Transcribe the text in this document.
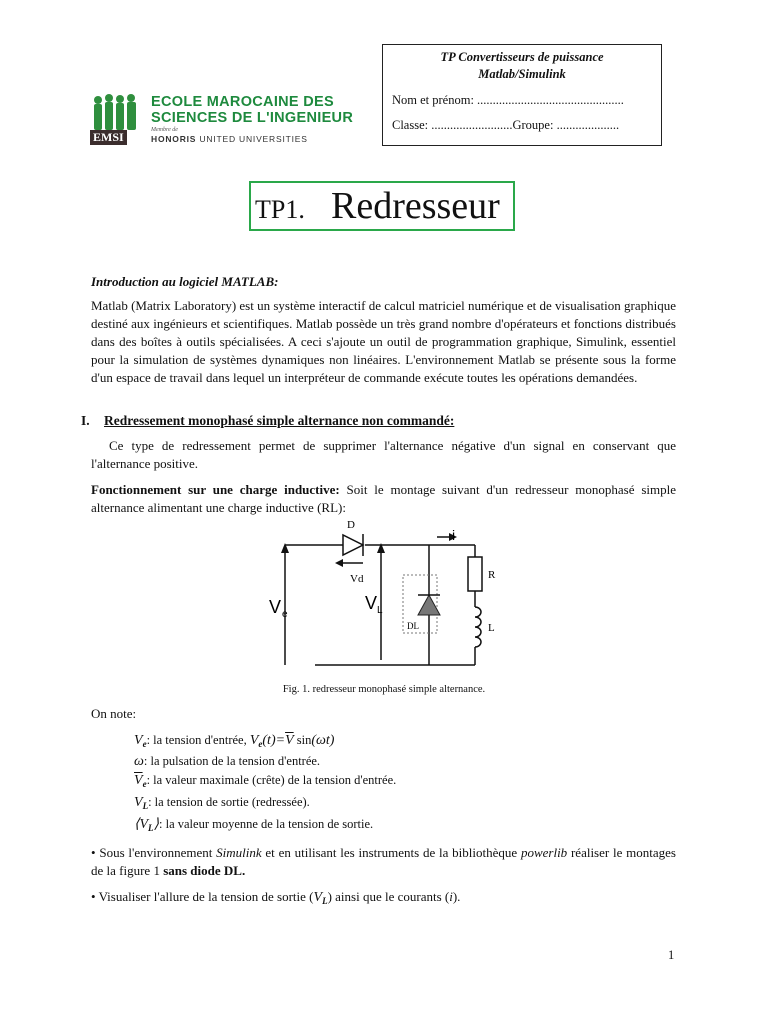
EMSI
ECOLE MAROCAINE DES
SCIENCES DE L'INGENIEUR
Membre de
HONORIS UNITED UNIVERSITIES
TP Convertisseurs de puissance
Matlab/Simulink
Nom et prénom: ...............................................
Classe: ..........................Groupe: ....................
TP1. Redresseur
Introduction au logiciel MATLAB:
Matlab (Matrix Laboratory) est un système interactif de calcul matriciel numérique et de visualisation graphique destiné aux ingénieurs et scientifiques. Matlab possède un très grand nombre d'opérateurs et fonctions distribués dans des boîtes à outils spécialisées. A ceci s'ajoute un outil de programmation graphique, Simulink, essentiel pour la simulation de systèmes dynamiques non linéaires. L'environnement Matlab se présente sous la forme d'un espace de travail dans lequel un interpréteur de commande exécute toutes les opérations demandées.
I. Redressement monophasé simple alternance non commandé:
Ce type de redressement permet de supprimer l'alternance négative d'un signal en conservant que l'alternance positive.
Fonctionnement sur une charge inductive: Soit le montage suivant d'un redresseur monophasé simple alternance alimentant une charge inductive (RL):
D
i
Vd	R
L
DL
V e
V L
Fig. 1. redresseur monophasé simple alternance.
On note:
$V_e$: la tension d'entrée, $V_e(t)=\overline{V}$ sin(ωt)
ω: la pulsation de la tension d'entrée.
$\overline{V}_e$: la valeur maximale (crête) de la tension d'entrée.
$V_L$: la tension de sortie (redressée).
$⟨V_L⟩$: la valeur moyenne de la tension de sortie.
• Sous l'environnement Simulink et en utilisant les instruments de la bibliothèque powerlib réaliser le montages de la figure 1 sans diode DL.
• Visualiser l'allure de la tension de sortie $(V_L)$ ainsi que le courants (i).
1
